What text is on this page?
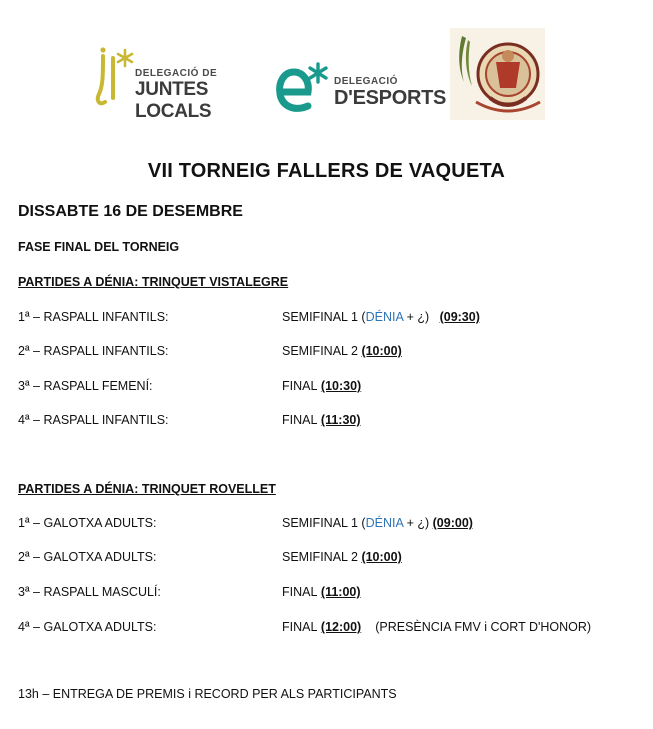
DELEGACIÓ DE
JUNTES LOCALS
DELEGACIÓ
D'ESPORTS
VII TORNEIG FALLERS DE VAQUETA
DISSABTE 16 DE DESEMBRE
FASE FINAL DEL TORNEIG
PARTIDES A DÉNIA: TRINQUET VISTALEGRE
1ª – RASPALL INFANTILS:	SEMIFINAL 1 (DÉNIA + ¿) (09:30)
2ª – RASPALL INFANTILS:	SEMIFINAL 2 (10:00)
3ª – RASPALL FEMENÍ:	FINAL (10:30)
4ª – RASPALL INFANTILS:	FINAL (11:30)
PARTIDES A DÉNIA: TRINQUET ROVELLET
1ª – GALOTXA ADULTS:	SEMIFINAL 1 (DÉNIA + ¿) (09:00)
2ª – GALOTXA ADULTS:	SEMIFINAL 2 (10:00)
3ª – RASPALL MASCULÍ:	FINAL (11:00)
4ª – GALOTXA ADULTS:	FINAL (12:00) (PRESÈNCIA FMV i CORT D'HONOR)
13h – ENTREGA DE PREMIS i RECORD PER ALS PARTICIPANTS
